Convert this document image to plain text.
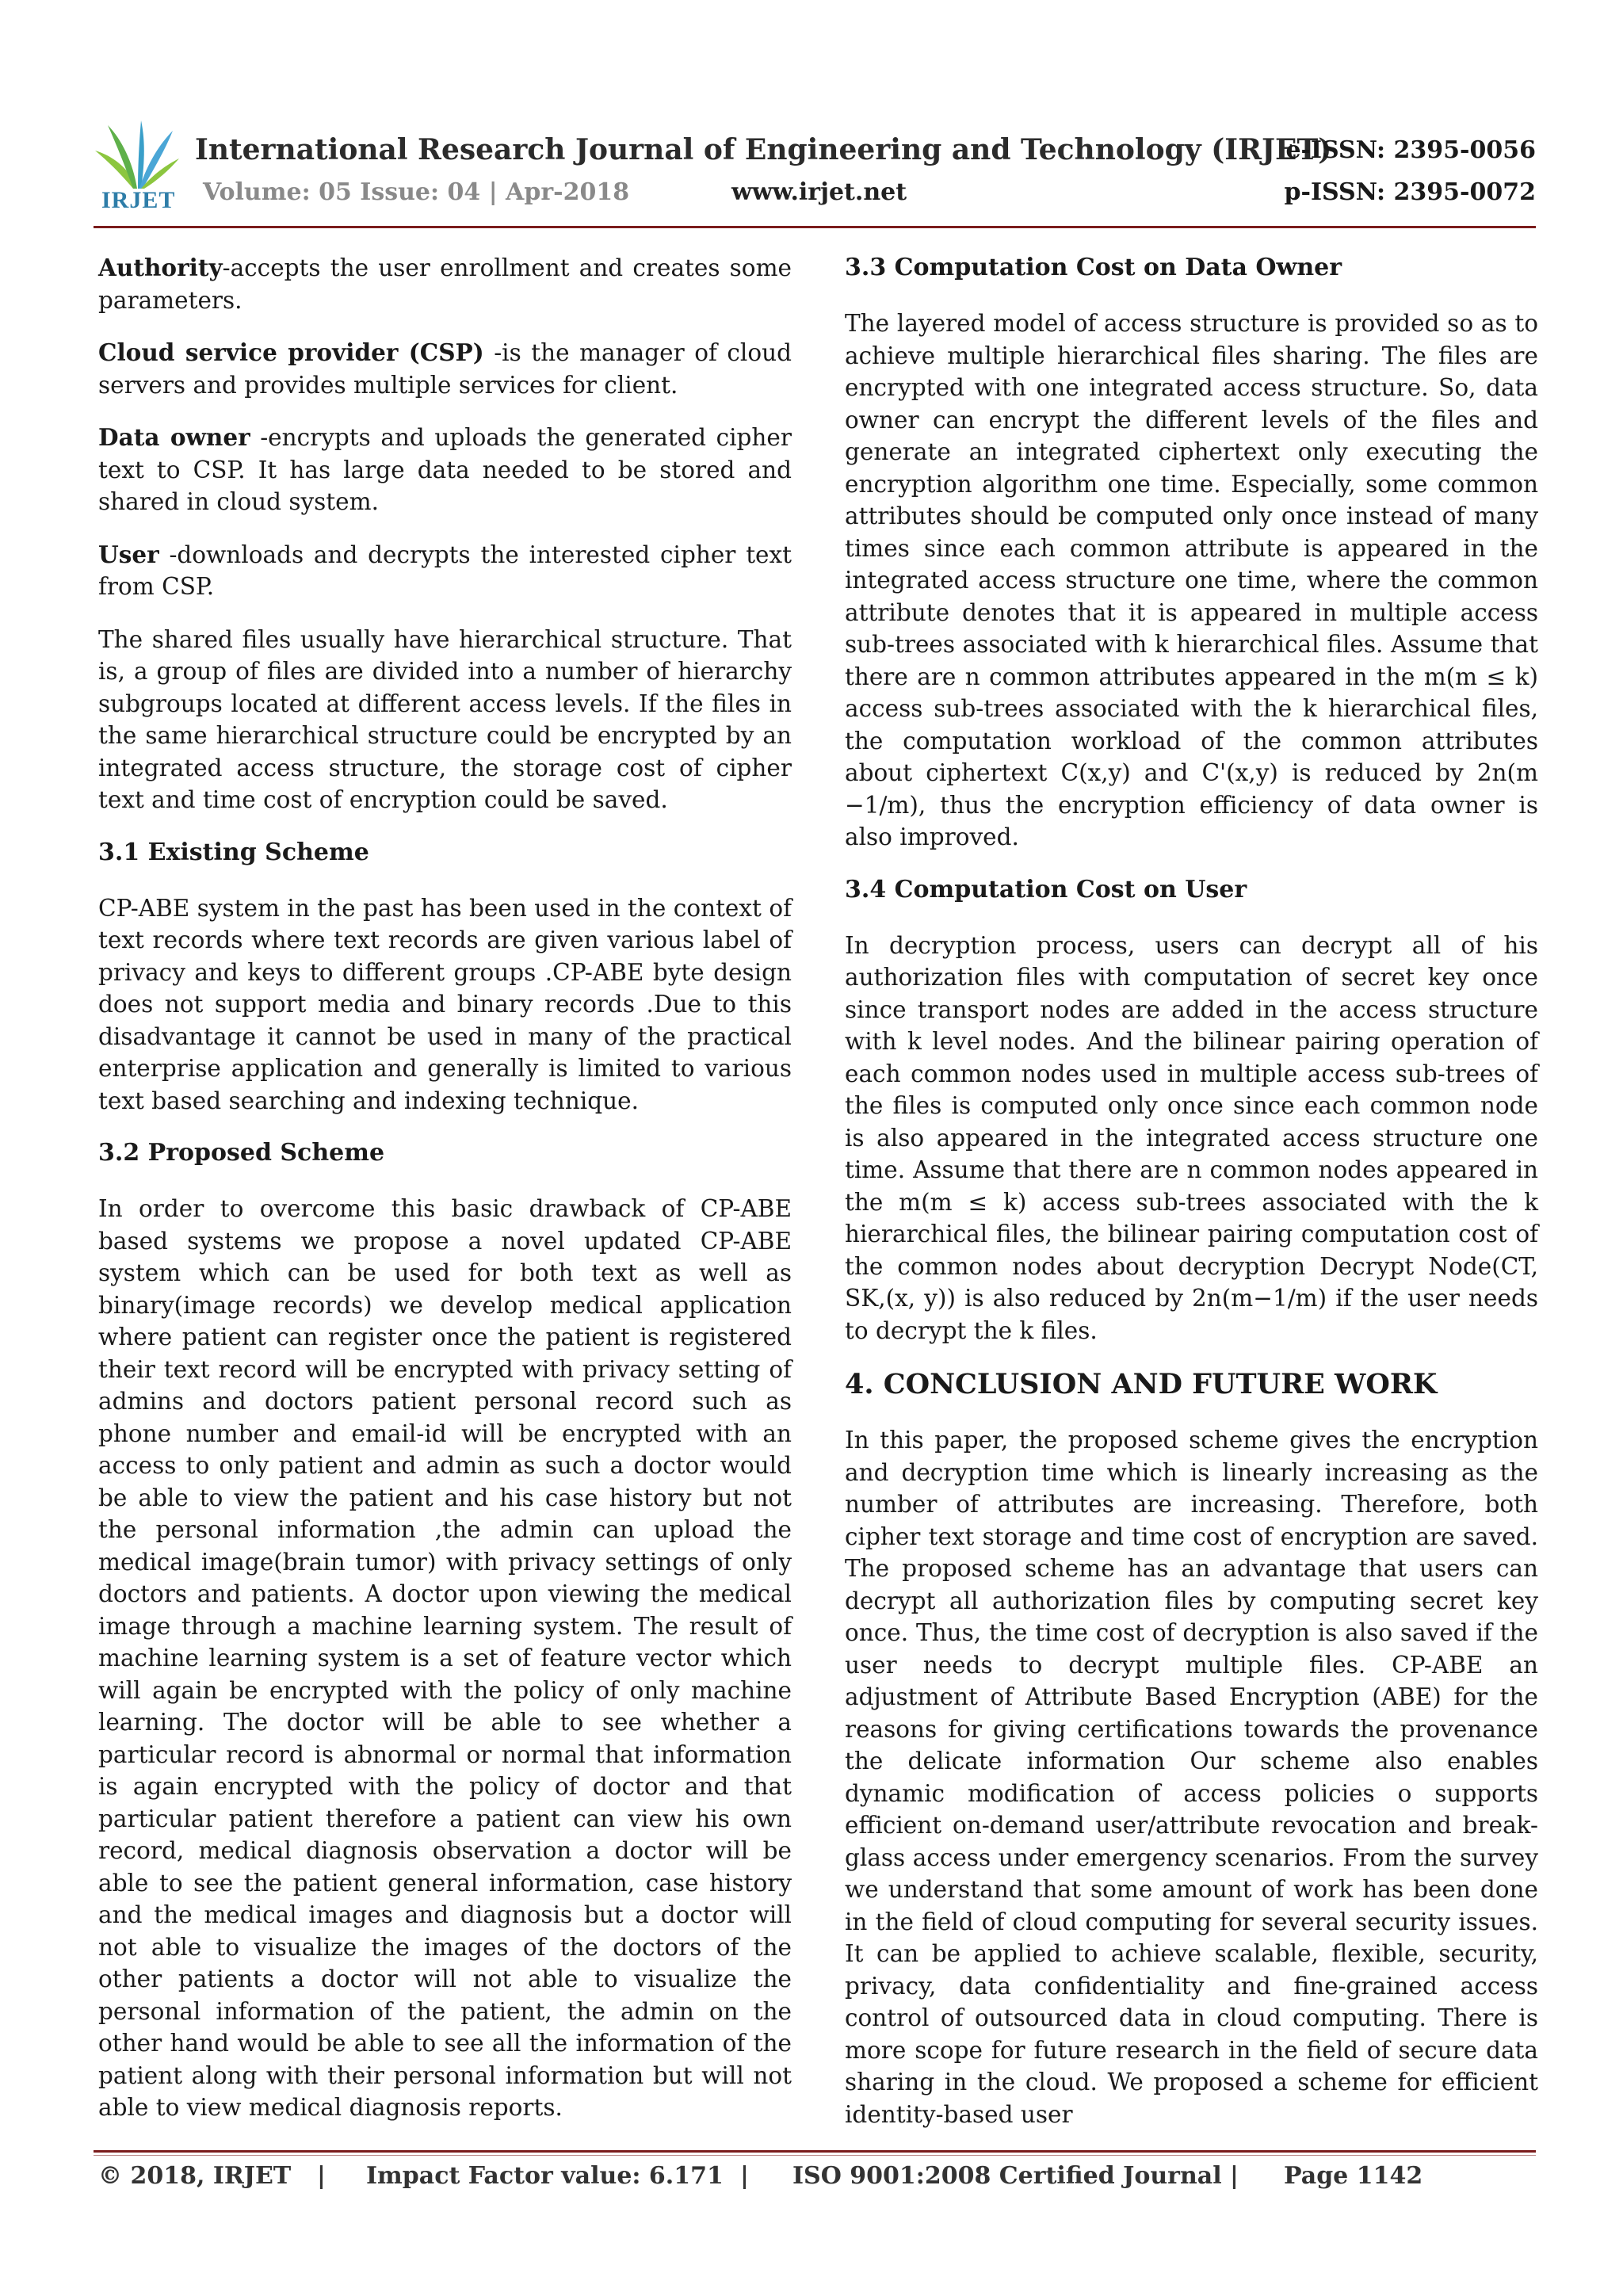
IRJET
International Research Journal of Engineering and Technology (IRJET)
e-ISSN: 2395-0056
Volume: 05 Issue: 04 | Apr-2018	www.irjet.net	p-ISSN: 2395-0072

Authority-accepts the user enrollment and creates some parameters.

Cloud service provider (CSP) -is the manager of cloud servers and provides multiple services for client.

Data owner -encrypts and uploads the generated cipher text to CSP. It has large data needed to be stored and shared in cloud system.

User -downloads and decrypts the interested cipher text from CSP.

The shared files usually have hierarchical structure. That is, a group of files are divided into a number of hierarchy subgroups located at different access levels. If the files in the same hierarchical structure could be encrypted by an integrated access structure, the storage cost of cipher text and time cost of encryption could be saved.

3.1 Existing Scheme

CP-ABE system in the past has been used in the context of text records where text records are given various label of privacy and keys to different groups .CP-ABE byte design does not support media and binary records .Due to this disadvantage it cannot be used in many of the practical enterprise application and generally is limited to various text based searching and indexing technique.

3.2 Proposed Scheme

In order to overcome this basic drawback of CP-ABE based systems we propose a novel updated CP-ABE system which can be used for both text as well as binary(image records) we develop medical application where patient can register once the patient is registered their text record will be encrypted with privacy setting of admins and doctors patient personal record such as phone number and email-id will be encrypted with an access to only patient and admin as such a doctor would be able to view the patient and his case history but not the personal information ,the admin can upload the medical image(brain tumor) with privacy settings of only doctors and patients. A doctor upon viewing the medical image through a machine learning system. The result of machine learning system is a set of feature vector which will again be encrypted with the policy of only machine learning. The doctor will be able to see whether a particular record is abnormal or normal that information is again encrypted with the policy of doctor and that particular patient therefore a patient can view his own record, medical diagnosis observation a doctor will be able to see the patient general information, case history and the medical images and diagnosis but a doctor will not able to visualize the images of the doctors of the other patients a doctor will not able to visualize the personal information of the patient, the admin on the other hand would be able to see all the information of the patient along with their personal information but will not able to view medical diagnosis reports.

3.3 Computation Cost on Data Owner

The layered model of access structure is provided so as to achieve multiple hierarchical files sharing. The files are encrypted with one integrated access structure. So, data owner can encrypt the different levels of the files and generate an integrated ciphertext only executing the encryption algorithm one time. Especially, some common attributes should be computed only once instead of many times since each common attribute is appeared in the integrated access structure one time, where the common attribute denotes that it is appeared in multiple access sub-trees associated with k hierarchical files. Assume that there are n common attributes appeared in the m(m ≤ k) access sub-trees associated with the k hierarchical files, the computation workload of the common attributes about ciphertext C(x,y) and C'(x,y) is reduced by 2n(m −1/m), thus the encryption efficiency of data owner is also improved.

3.4 Computation Cost on User

In decryption process, users can decrypt all of his authorization files with computation of secret key once since transport nodes are added in the access structure with k level nodes. And the bilinear pairing operation of each common nodes used in multiple access sub-trees of the files is computed only once since each common node is also appeared in the integrated access structure one time. Assume that there are n common nodes appeared in the m(m ≤ k) access sub-trees associated with the k hierarchical files, the bilinear pairing computation cost of the common nodes about decryption Decrypt Node(CT, SK,(x, y)) is also reduced by 2n(m−1/m) if the user needs to decrypt the k files.

4. CONCLUSION AND FUTURE WORK

In this paper, the proposed scheme gives the encryption and decryption time which is linearly increasing as the number of attributes are increasing. Therefore, both cipher text storage and time cost of encryption are saved. The proposed scheme has an advantage that users can decrypt all authorization files by computing secret key once. Thus, the time cost of decryption is also saved if the user needs to decrypt multiple files. CP-ABE an adjustment of Attribute Based Encryption (ABE) for the reasons for giving certifications towards the provenance the delicate information Our scheme also enables dynamic modification of access policies o supports efficient on-demand user/attribute revocation and break-glass access under emergency scenarios. From the survey we understand that some amount of work has been done in the field of cloud computing for several security issues. It can be applied to achieve scalable, flexible, security, privacy, data confidentiality and fine-grained access control of outsourced data in cloud computing. There is more scope for future research in the field of secure data sharing in the cloud. We proposed a scheme for efficient identity-based user

© 2018, IRJET | Impact Factor value: 6.171 | ISO 9001:2008 Certified Journal | Page 1142
